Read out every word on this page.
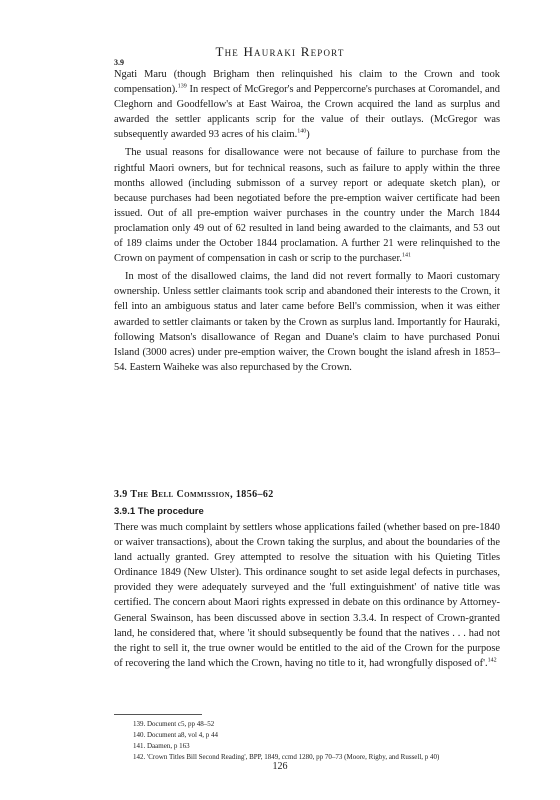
The Hauraki Report
3.9

Ngati Maru (though Brigham then relinquished his claim to the Crown and took compensation).$^{139}$ In respect of McGregor's and Peppercorne's purchases at Coromandel, and Cleghorn and Goodfellow's at East Wairoa, the Crown acquired the land as surplus and awarded the settler applicants scrip for the value of their outlays. (McGregor was subsequently awarded 93 acres of his claim.$^{140}$)

The usual reasons for disallowance were not because of failure to purchase from the rightful Maori owners, but for technical reasons, such as failure to apply within the three months allowed (including submisson of a survey report or adequate sketch plan), or because purchases had been negotiated before the pre-emption waiver certificate had been issued. Out of all pre-emption waiver purchases in the country under the March 1844 proclamation only 49 out of 62 resulted in land being awarded to the claimants, and 53 out of 189 claims under the October 1844 proclamation. A further 21 were relinquished to the Crown on payment of compensation in cash or scrip to the purchaser.$^{141}$

In most of the disallowed claims, the land did not revert formally to Maori customary ownership. Unless settler claimants took scrip and abandoned their interests to the Crown, it fell into an ambiguous status and later came before Bell's commission, when it was either awarded to settler claimants or taken by the Crown as surplus land. Importantly for Hauraki, following Matson's disallowance of Regan and Duane's claim to have purchased Ponui Island (3000 acres) under pre-emption waiver, the Crown bought the island afresh in 1853–54. Eastern Waiheke was also repurchased by the Crown.

3.9 The Bell Commission, 1856–62
3.9.1 The procedure

There was much complaint by settlers whose applications failed (whether based on pre-1840 or waiver transactions), about the Crown taking the surplus, and about the boundaries of the land actually granted. Grey attempted to resolve the situation with his Quieting Titles Ordinance 1849 (New Ulster). This ordinance sought to set aside legal defects in purchases, provided they were adequately surveyed and the 'full extinguishment' of native title was certified. The concern about Maori rights expressed in debate on this ordinance by Attorney-General Swainson, has been discussed above in section 3.3.4. In respect of Crown-granted land, he considered that, where 'it should subsequently be found that the natives . . . had not the right to sell it, the true owner would be entitled to the aid of the Crown for the purpose of recovering the land which the Crown, having no title to it, had wrongfully disposed of'.$^{142}$

139. Document c5, pp 48–52
140. Document a8, vol 4, p 44
141. Daamen, p 163
142. 'Crown Titles Bill Second Reading', BPP, 1849, ccmd 1280, pp 70–73 (Moore, Rigby, and Russell, p 40)
126
